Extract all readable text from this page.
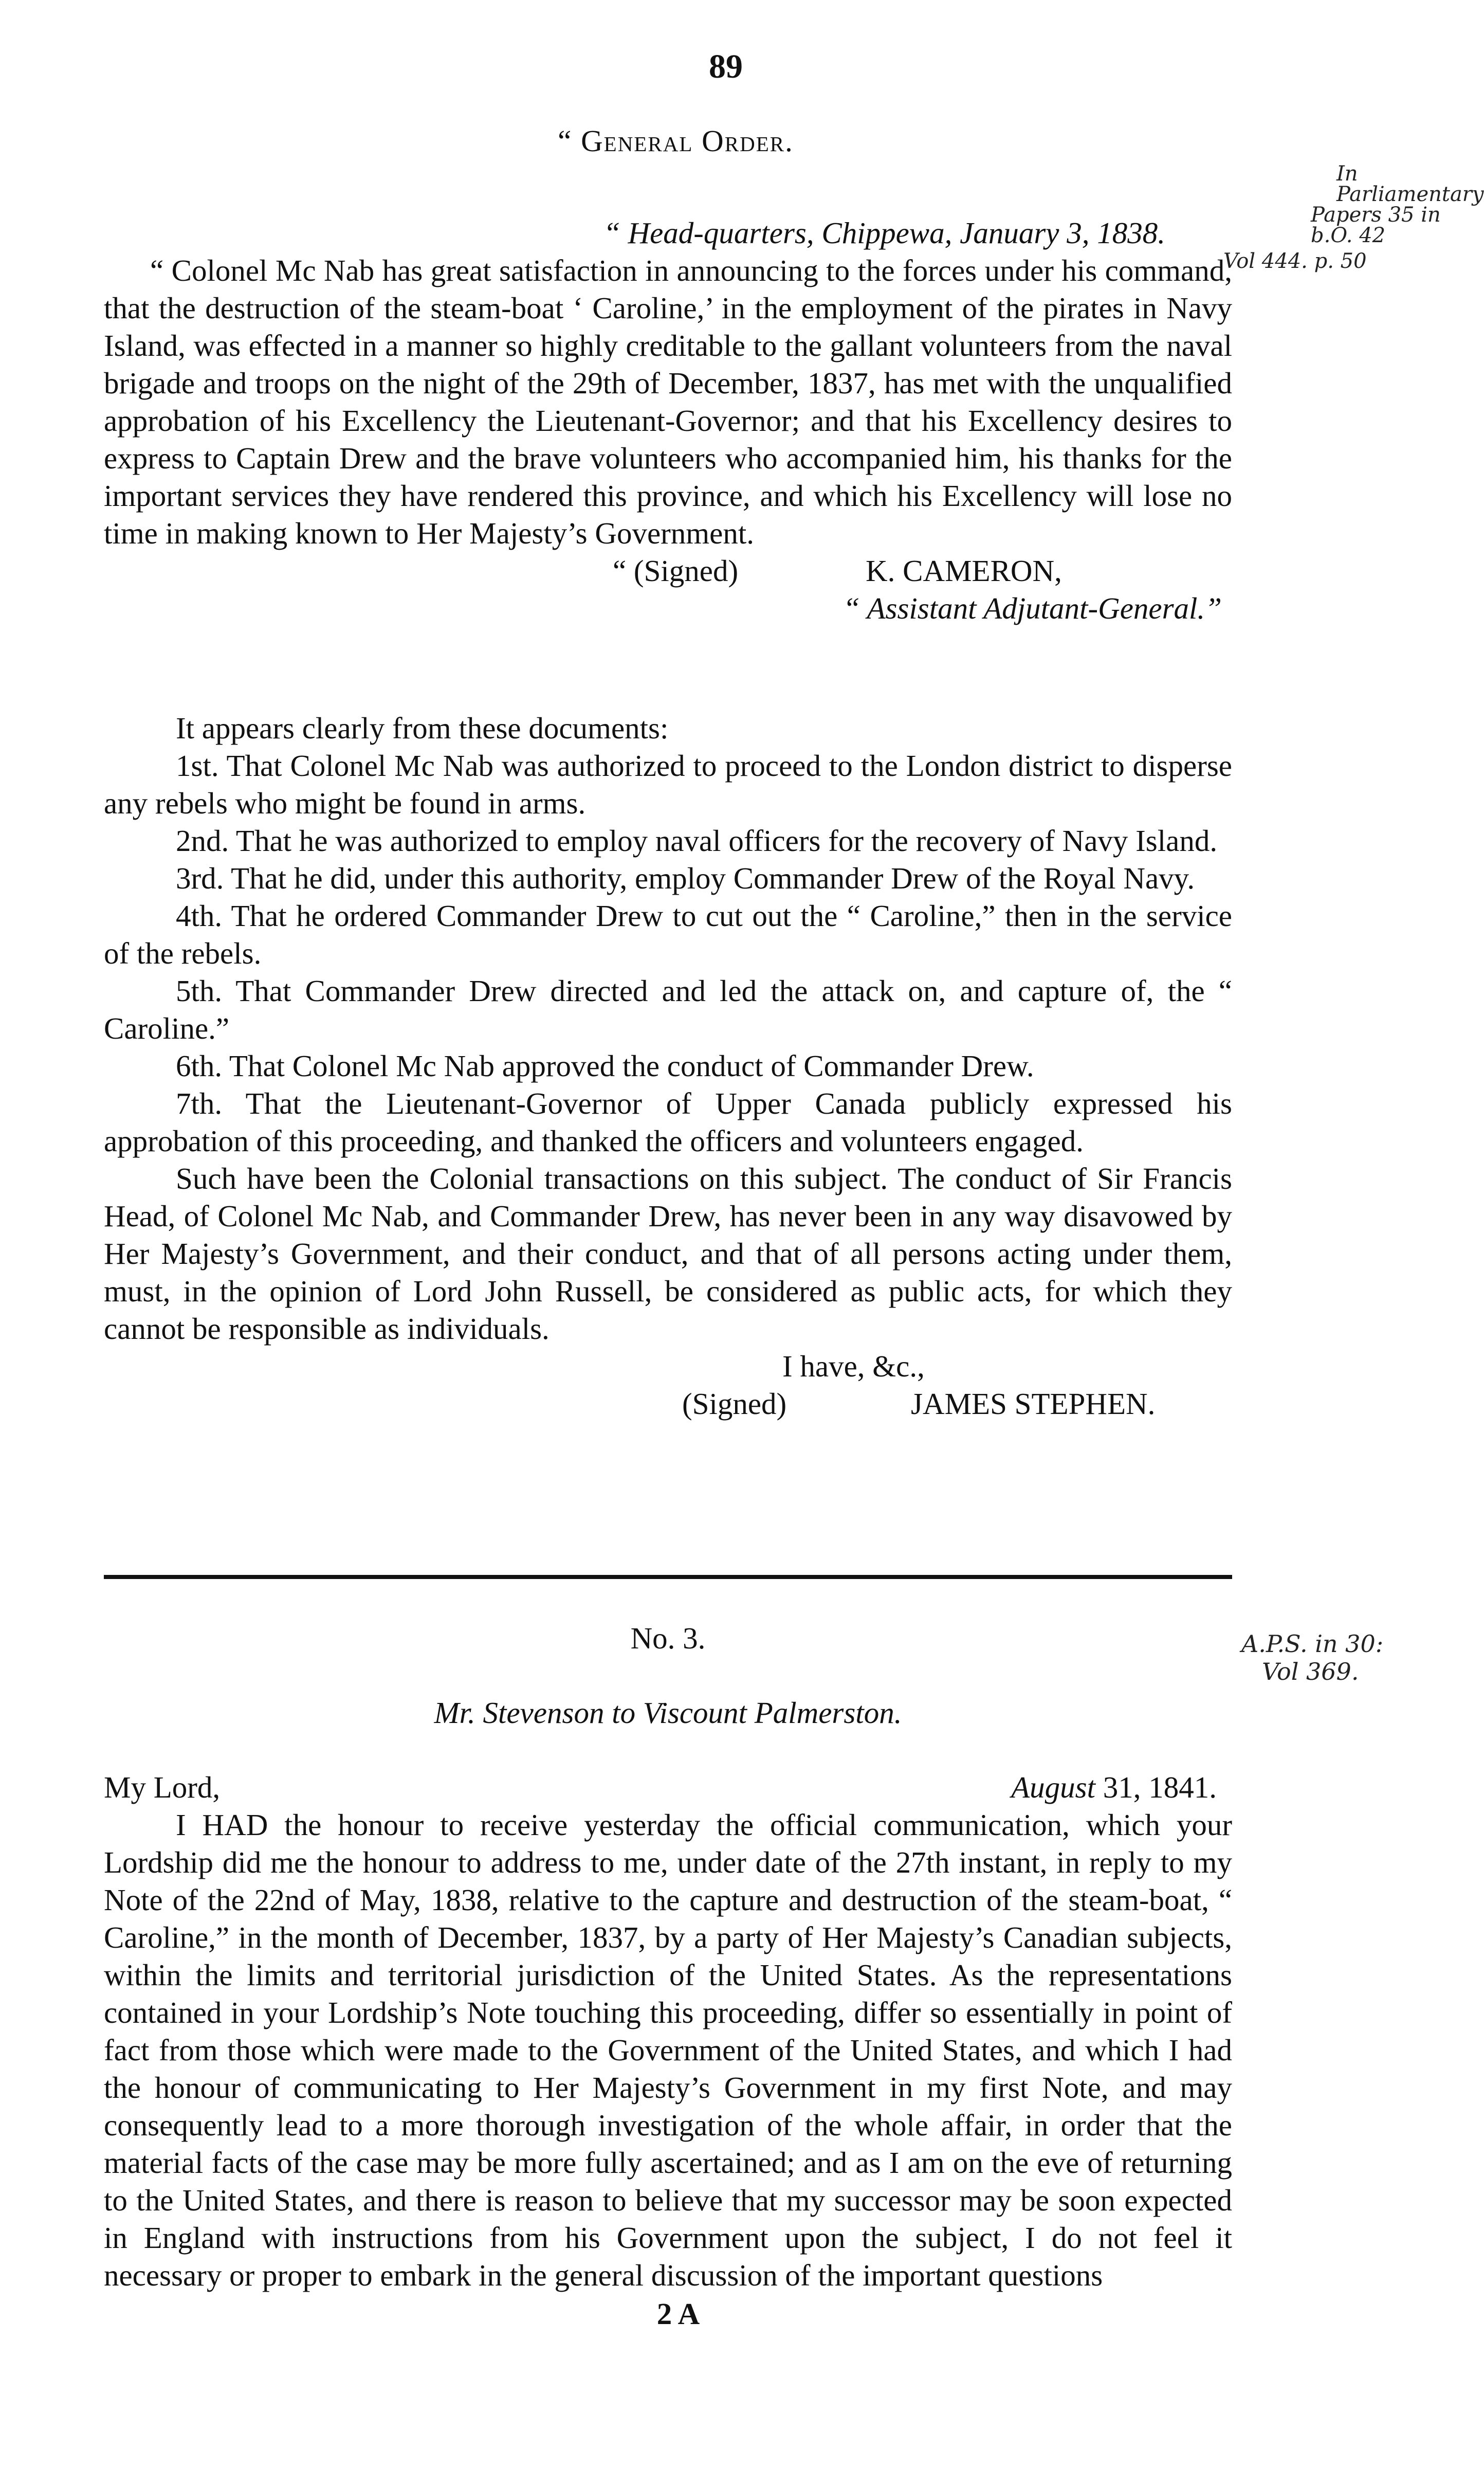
89
“ General Order.
“ Head-quarters, Chippewa, January 3, 1838.

“ Colonel Mc Nab has great satisfaction in announcing to the forces under his command, that the destruction of the steam-boat ‘ Caroline,’ in the employment of the pirates in Navy Island, was effected in a manner so highly creditable to the gallant volunteers from the naval brigade and troops on the night of the 29th of December, 1837, has met with the unqualified approbation of his Excellency the Lieutenant-Governor; and that his Excellency desires to express to Captain Drew and the brave volunteers who accompanied him, his thanks for the important services they have rendered this province, and which his Excellency will lose no time in making known to Her Majesty’s Government.

“ (Signed)	K. CAMERON,
“ Assistant Adjutant-General.”
In Parliamentary
Papers 35 in b.O. 42
Vol 444. p. 50

It appears clearly from these documents:

1st. That Colonel Mc Nab was authorized to proceed to the London district to disperse any rebels who might be found in arms.

2nd. That he was authorized to employ naval officers for the recovery of Navy Island.

3rd. That he did, under this authority, employ Commander Drew of the Royal Navy.

4th. That he ordered Commander Drew to cut out the “ Caroline,” then in the service of the rebels.

5th. That Commander Drew directed and led the attack on, and capture of, the “ Caroline.”

6th. That Colonel Mc Nab approved the conduct of Commander Drew.

7th. That the Lieutenant-Governor of Upper Canada publicly expressed his approbation of this proceeding, and thanked the officers and volunteers engaged.

Such have been the Colonial transactions on this subject. The conduct of Sir Francis Head, of Colonel Mc Nab, and Commander Drew, has never been in any way disavowed by Her Majesty’s Government, and their conduct, and that of all persons acting under them, must, in the opinion of Lord John Russell, be considered as public acts, for which they cannot be responsible as individuals.

I have, &c.,
(Signed)	JAMES STEPHEN.
No. 3.
Mr. Stevenson to Viscount Palmerston.
My Lord,	August 31, 1841.

I HAD the honour to receive yesterday the official communication, which your Lordship did me the honour to address to me, under date of the 27th instant, in reply to my Note of the 22nd of May, 1838, relative to the capture and destruction of the steam-boat, “ Caroline,” in the month of December, 1837, by a party of Her Majesty’s Canadian subjects, within the limits and territorial jurisdiction of the United States. As the representations contained in your Lordship’s Note touching this proceeding, differ so essentially in point of fact from those which were made to the Government of the United States, and which I had the honour of communicating to Her Majesty’s Government in my first Note, and may consequently lead to a more thorough investigation of the whole affair, in order that the material facts of the case may be more fully ascertained; and as I am on the eve of returning to the United States, and there is reason to believe that my successor may be soon expected in England with instructions from his Government upon the subject, I do not feel it necessary or proper to embark in the general discussion of the important questions

2 A
A.P.S. in 30:
Vol 369.
